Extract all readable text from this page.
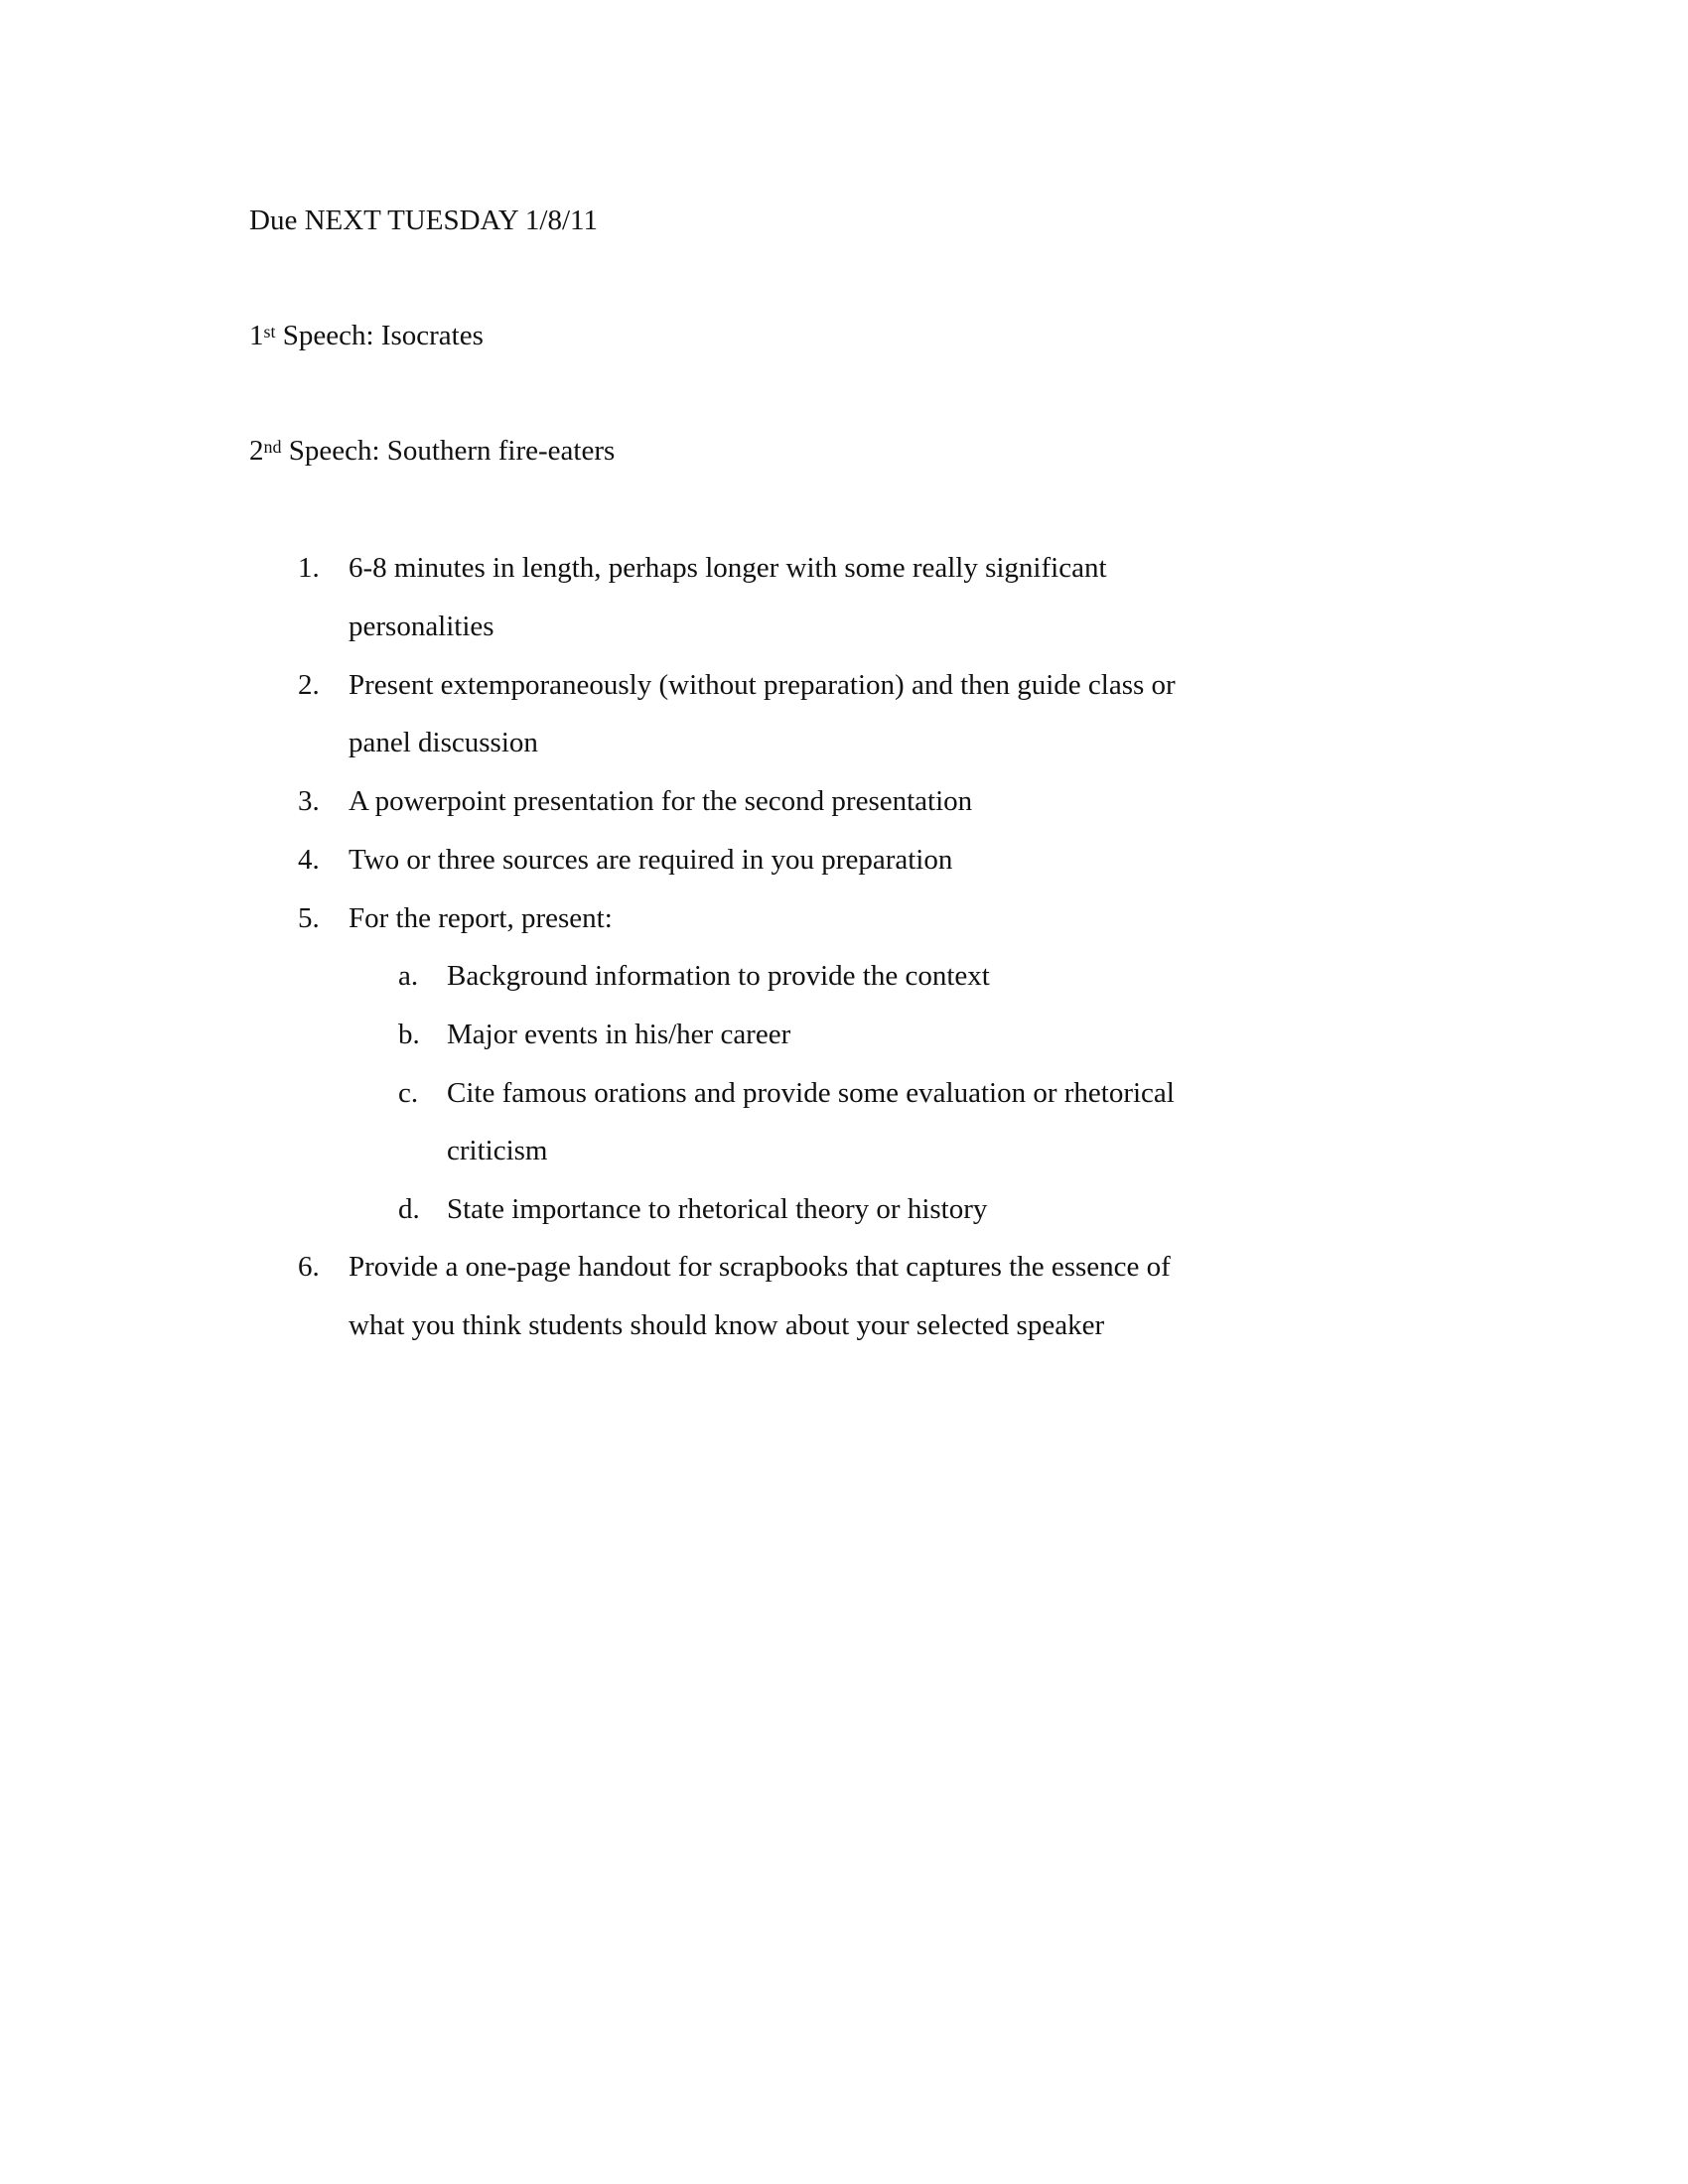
Due NEXT TUESDAY 1/8/11
1st Speech: Isocrates
2nd Speech: Southern fire-eaters
1. 6-8 minutes in length, perhaps longer with some really significant
personalities
2. Present extemporaneously (without preparation) and then guide class or
panel discussion
3. A powerpoint presentation for the second presentation
4. Two or three sources are required in you preparation
5. For the report, present:
a. Background information to provide the context
b. Major events in his/her career
c. Cite famous orations and provide some evaluation or rhetorical
criticism
d. State importance to rhetorical theory or history
6. Provide a one-page handout for scrapbooks that captures the essence of
what you think students should know about your selected speaker
